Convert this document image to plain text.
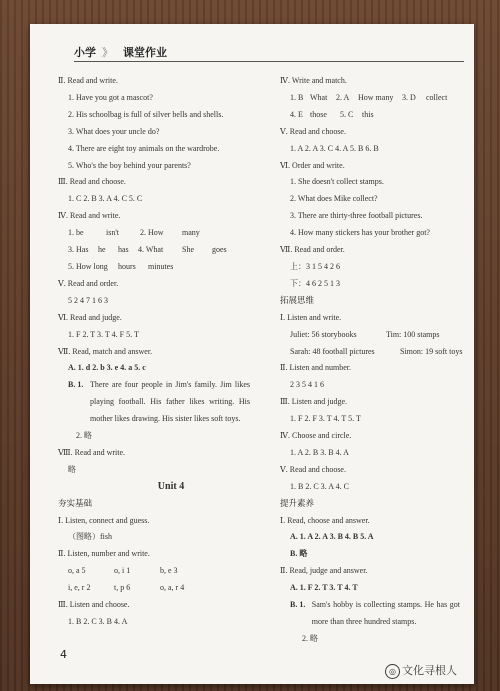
小学 》 课堂作业
Ⅱ. Read and write.
1. Have you got a mascot?
2. His schoolbag is full of silver bells and shells.
3. What does your uncle do?
4. There are eight toy animals on the wardrobe.
5. Who's the boy behind your parents?
Ⅲ. Read and choose.
1. C 2. B 3. A 4. C 5. C
Ⅳ. Read and write.
1. be	isn't	2. How many
3. Has he has 4. What She goes
5. How long hours minutes
Ⅴ. Read and order.
5 2 4 7 1 6 3
Ⅵ. Read and judge.
1. F 2. T 3. T 4. F 5. T
Ⅶ. Read, match and answer.
A. 1. d 2. b 3. e 4. a 5. c
B. 1. There are four people in Jim's family. Jim likes playing football. His father likes writing. His mother likes drawing. His sister likes soft toys.
2. 略
Ⅷ. Read and write.
略
Unit 4
夯实基础
Ⅰ. Listen, connect and guess.
（图略）fish
Ⅱ. Listen, number and write.
o, a 5	o, i 1	b, e 3
i, e, r 2	t, p 6	o, a, r 4
Ⅲ. Listen and choose.
1. B 2. C 3. B 4. A
Ⅳ. Write and match.
1. B What 2. A How many 3. D collect
4. E those 5. C this
Ⅴ. Read and choose.
1. A 2. A 3. C 4. A 5. B 6. B
Ⅵ. Order and write.
1. She doesn't collect stamps.
2. What does Mike collect?
3. There are thirty-three football pictures.
4. How many stickers has your brother got?
Ⅶ. Read and order.
上：3 1 5 4 2 6
下：4 6 2 5 1 3
拓展思维
Ⅰ. Listen and write.
Juliet: 56 storybooks	Tim: 100 stamps
Sarah: 48 football pictures	Simon: 19 soft toys
Ⅱ. Listen and number.
2 3 5 4 1 6
Ⅲ. Listen and judge.
1. F 2. F 3. T 4. T 5. T
Ⅳ. Choose and circle.
1. A 2. B 3. B 4. A
Ⅴ. Read and choose.
1. B 2. C 3. A 4. C
提升素养
Ⅰ. Read, choose and answer.
A. 1. A 2. A 3. B 4. B 5. A
B. 略
Ⅱ. Read, judge and answer.
A. 1. F 2. T 3. T 4. T
B. 1. Sam's hobby is collecting stamps. He has got more than three hundred stamps.
2. 略
4
◎ 文化寻根人
